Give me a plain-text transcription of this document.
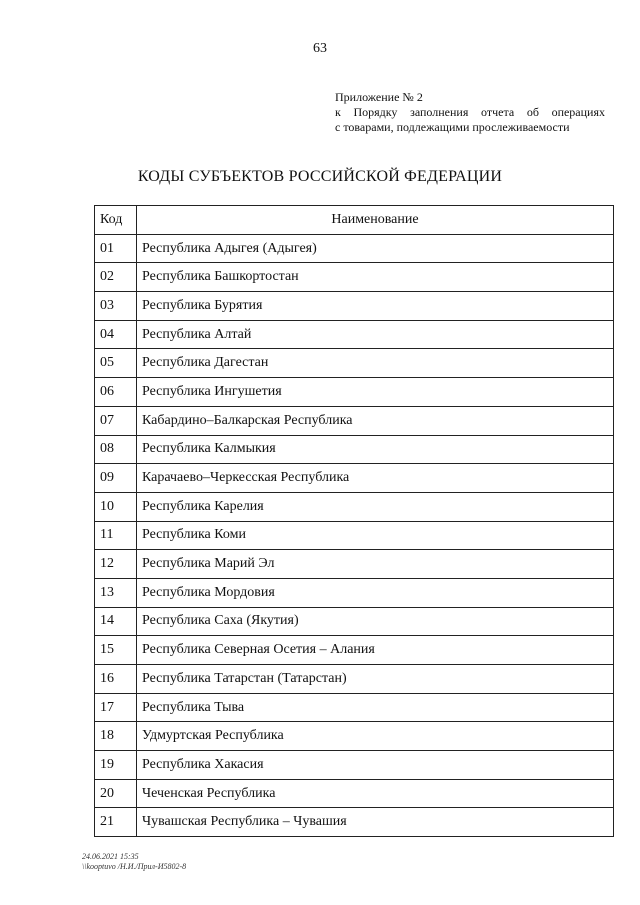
63
Приложение № 2
к Порядку заполнения отчета об операциях
с товарами, подлежащими прослеживаемости
КОДЫ СУБЪЕКТОВ РОССИЙСКОЙ ФЕДЕРАЦИИ
Код	Наименование
01	Республика Адыгея (Адыгея)
02	Республика Башкортостан
03	Республика Бурятия
04	Республика Алтай
05	Республика Дагестан
06	Республика Ингушетия
07	Кабардино–Балкарская Республика
08	Республика Калмыкия
09	Карачаево–Черкесская Республика
10	Республика Карелия
11	Республика Коми
12	Республика Марий Эл
13	Республика Мордовия
14	Республика Саха (Якутия)
15	Республика Северная Осетия – Алания
16	Республика Татарстан (Татарстан)
17	Республика Тыва
18	Удмуртская Республика
19	Республика Хакасия
20	Чеченская Республика
21	Чувашская Республика – Чувашия
24.06.2021 15:35
\\kooptuvo /Н.И./Прил-И5802-8
